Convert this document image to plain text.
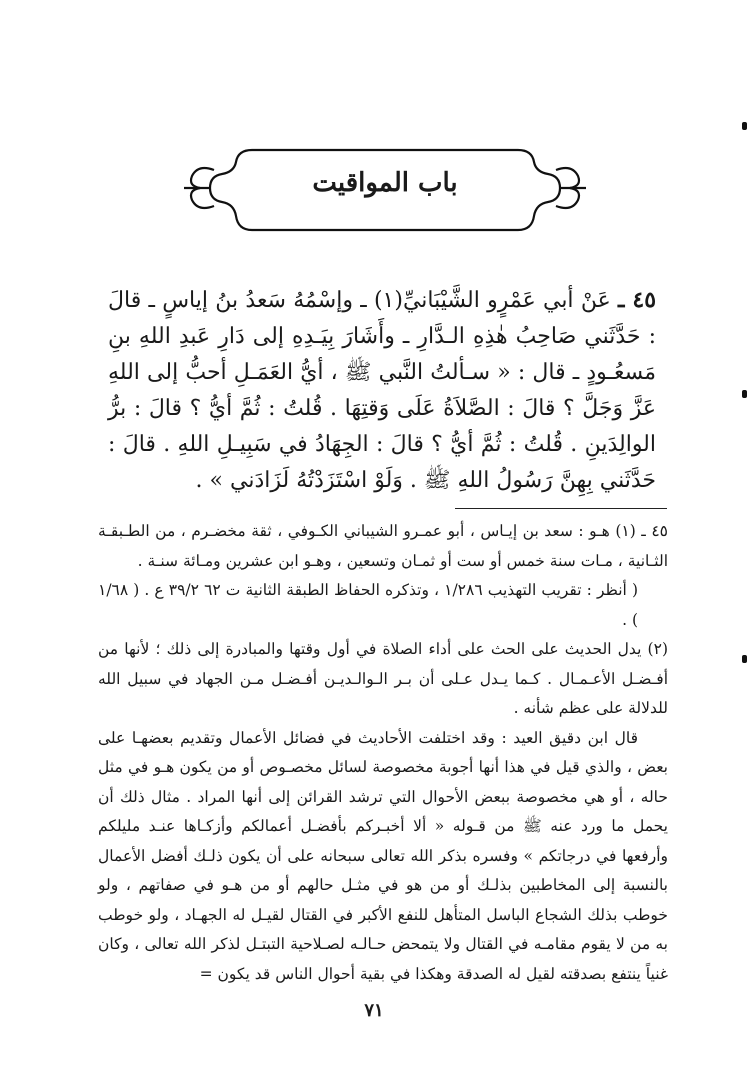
باب المواقيت
٤٥ ـ عَنْ أبي عَمْرٍو الشَّيْبَانيِّ(١) ـ وإسْمُهُ سَعدُ بنُ إياسٍ ـ قالَ : حَدَّثَني صَاحِبُ هٰذِهِ الـدَّارِ ـ وأَشَارَ بِيَـدِهِ إلى دَارِ عَبدِ اللهِ بنِ مَسعُـودٍ ـ قال : « سـألتُ النَّبي ﷺ ، أيُّ العَمَـلِ أحبُّ إلى اللهِ عَزَّ وَجَلَّ ؟ قالَ : الصَّلاَةُ عَلَى وَقتِهَا . قُلتُ : ثُمَّ أيُّ ؟ قالَ : برُّ الوالِدَينِ . قُلتُ : ثُمَّ أيُّ ؟ قالَ : الجِهَادُ في سَبِيـلِ اللهِ . قالَ : حَدَّثَني بِهِنَّ رَسُولُ اللهِ ﷺ . وَلَوْ اسْتَزَدْتُهُ لَزَادَني » .

٤٥ ـ (١) هـو : سعد بن إيـاس ، أبو عمـرو الشيباني الكـوفي ، ثقة مخضـرم ، من الطـبقـة الثـانية ، مـات سنة خمس أو ست أو ثمـان وتسعين ، وهـو ابن عشرين ومـائة سنـة .

( أنظر : تقريب التهذيب ١/٢٨٦ ، وتذكره الحفاظ الطبقة الثانية ت ٦٢ ٣٩/٢ ع . ( ١/٦٨ ) .

(٢) يدل الحديث على الحث على أداء الصلاة في أول وقتها والمبادرة إلى ذلك ؛ لأنها من أفـضـل الأعـمـال . كـما يـدل عـلى أن بـر الـوالـديـن أفـضـل مـن الجهاد في سبيل الله للدلالة على عظم شأنه .

قال ابن دقيق العيد : وقد اختلفت الأحاديث في فضائل الأعمال وتقديم بعضهـا على بعض ، والذي قيل في هذا أنها أجوبة مخصوصة لسائل مخصـوص أو من يكون هـو في مثل حاله ، أو هي مخصوصة ببعض الأحوال التي ترشد القرائن إلى أنها المراد . مثال ذلك أن يحمل ما ورد عنه ﷺ من قـوله « ألا أخبـركم بأفضـل أعمالكم وأزكـاها عنـد مليلكم وأرفعها في درجاتكم » وفسره بذكر الله تعالى سبحانه على أن يكون ذلـك أفضل الأعمال بالنسبة إلى المخاطبين بذلـك أو من هو في مثـل حالهم أو من هـو في صفاتهم ، ولو خوطب بذلك الشجاع الباسل المتأهل للنفع الأكبر في القتال لقيـل له الجهـاد ، ولو خوطب به من لا يقوم مقامـه في القتال ولا يتمحض حـالـه لصـلاحية التبتـل لذكر الله تعالى ، وكان غنياً ينتفع بصدقته لقيل له الصدقة وهكذا في بقية أحوال الناس قد يكون =

٧١
